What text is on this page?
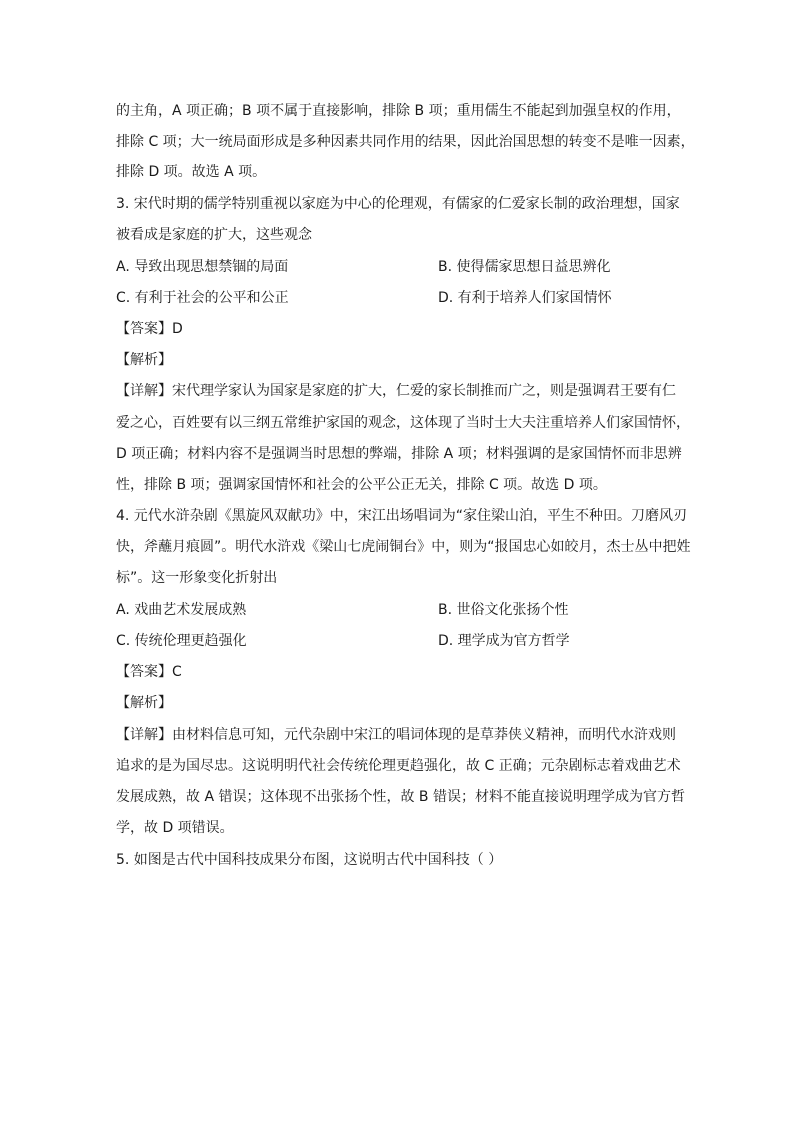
的主角，A 项正确；B 项不属于直接影响，排除 B 项；重用儒生不能起到加强皇权的作用，
排除 C 项；大一统局面形成是多种因素共同作用的结果，因此治国思想的转变不是唯一因素，
排除 D 项。故选 A 项。
3. 宋代时期的儒学特别重视以家庭为中心的伦理观，有儒家的仁爱家长制的政治理想，国家
被看成是家庭的扩大，这些观念
A. 导致出现思想禁锢的局面	B. 使得儒家思想日益思辨化
C. 有利于社会的公平和公正	D. 有利于培养人们家国情怀
【答案】D
【解析】
【详解】宋代理学家认为国家是家庭的扩大，仁爱的家长制推而广之，则是强调君王要有仁
爱之心，百姓要有以三纲五常维护家国的观念，这体现了当时士大夫注重培养人们家国情怀，
D 项正确；材料内容不是强调当时思想的弊端，排除 A 项；材料强调的是家国情怀而非思辨
性，排除 B 项；强调家国情怀和社会的公平公正无关，排除 C 项。故选 D 项。
4. 元代水浒杂剧《黑旋风双献功》中，宋江出场唱词为“家住梁山泊，平生不种田。刀磨风刃
快，斧蘸月痕圆”。明代水浒戏《梁山七虎闹铜台》中，则为“报国忠心如皎月，杰士丛中把姓
标”。这一形象变化折射出
A. 戏曲艺术发展成熟	B. 世俗文化张扬个性
C. 传统伦理更趋强化	D. 理学成为官方哲学
【答案】C
【解析】
【详解】由材料信息可知，元代杂剧中宋江的唱词体现的是草莽侠义精神，而明代水浒戏则
追求的是为国尽忠。这说明明代社会传统伦理更趋强化，故 C 正确；元杂剧标志着戏曲艺术
发展成熟，故 A 错误；这体现不出张扬个性，故 B 错误；材料不能直接说明理学成为官方哲
学，故 D 项错误。
5. 如图是古代中国科技成果分布图，这说明古代中国科技（ ）
